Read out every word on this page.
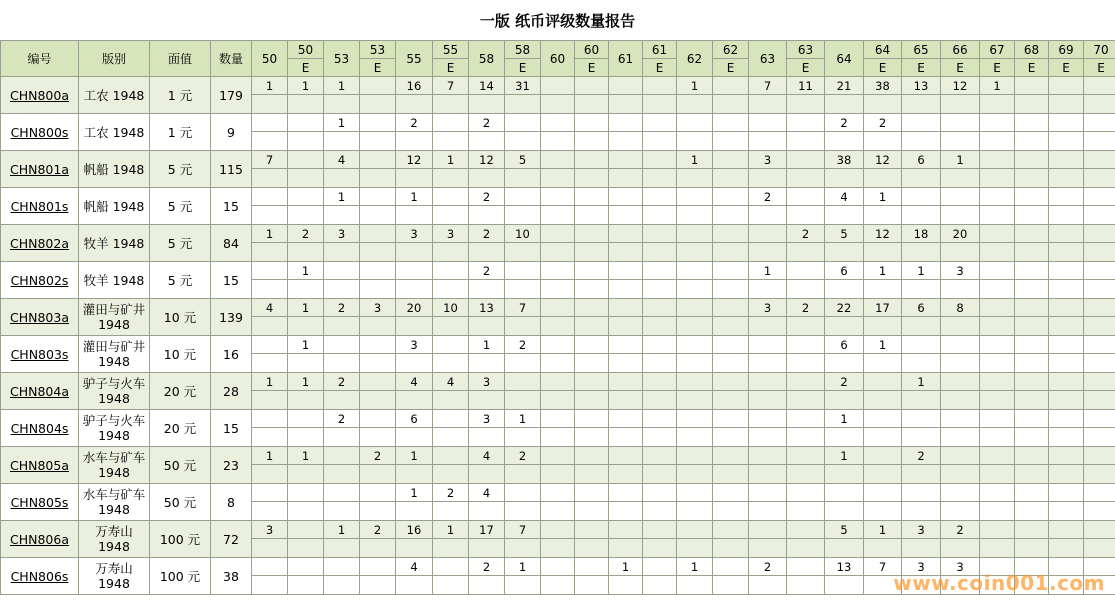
一版 纸币评级数量报告
编号	版别	面值	数量	50	50	53	53	55	55	58	58	60	60	61	61	62	62	63	63	64	64	65	66	67	68	69	70
					E		E		E		E		E		E		E		E		E	E	E	E	E	E	E
CHN800a	工农 1948	1 元	179	1	1	1		16	7	14	31					1		7	11	21	38	13	12	1			

CHN800s	工农 1948	1 元	9			1		2		2										2	2						

CHN801a	帆船 1948	5 元	115	7		4		12	1	12	5					1		3		38	12	6	1				

CHN801s	帆船 1948	5 元	15			1		1		2								2		4	1						

CHN802a	牧羊 1948	5 元	84	1	2	3		3	3	2	10								2	5	12	18	20				

CHN802s	牧羊 1948	5 元	15		1					2								1		6	1	1	3				

CHN803a	灌田与矿井 1948	10 元	139	4	1	2	3	20	10	13	7							3	2	22	17	6	8				

CHN803s	灌田与矿井 1948	10 元	16		1			3		1	2									6	1						

CHN804a	驴子与火车 1948	20 元	28	1	1	2		4	4	3										2		1					

CHN804s	驴子与火车 1948	20 元	15			2		6		3	1									1							

CHN805a	水车与矿车 1948	50 元	23	1	1		2	1		4	2									1		2					

CHN805s	水车与矿车 1948	50 元	8					1	2	4																	

CHN806a	万寿山 1948	100 元	72	3		1	2	16	1	17	7									5	1	3	2				

CHN806s	万寿山 1948	100 元	38					4		2	1			1		1		2		13	7	3	3				

www.coin001.com
